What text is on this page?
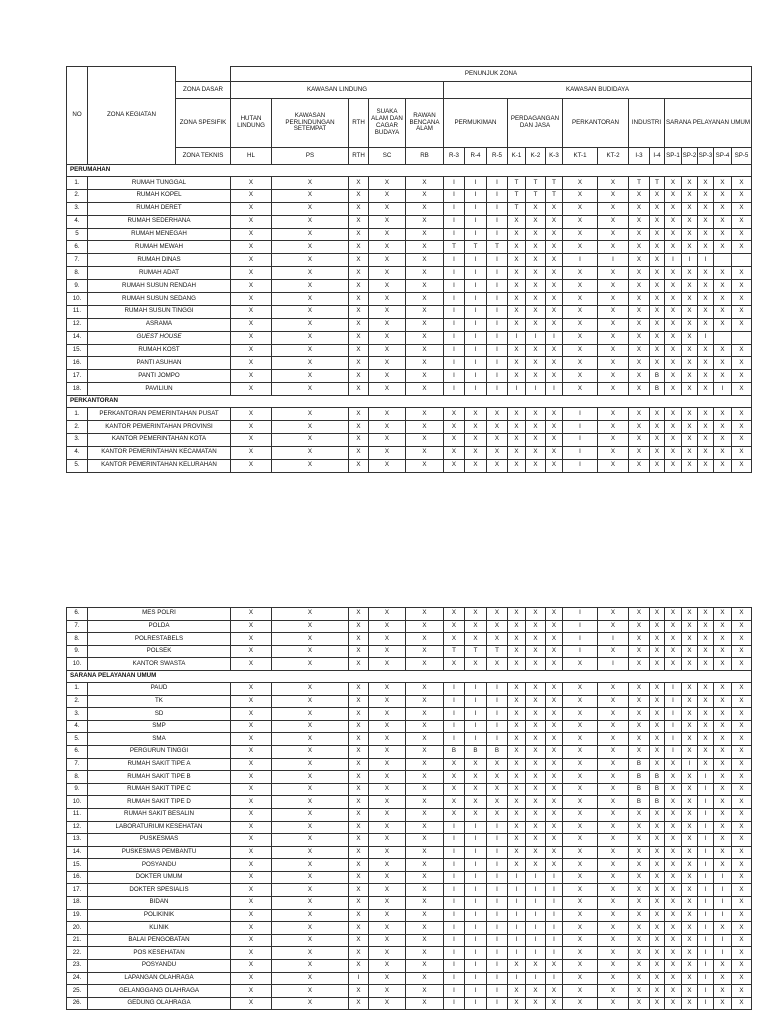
NO	ZONA KEGIATAN		PENUNJUK ZONA																			
		ZONA DASAR	KAWASAN LINDUNG					KAWASAN BUDIDAYA														
		ZONA SPESIFIK	HUTAN LINDUNG	KAWASAN PERLINDUNGAN SETEMPAT	RTH	SUAKA ALAM DAN CAGAR BUDAYA	RAWAN BENCANA ALAM	PERMUKIMAN			PERDAGANGAN DAN JASA			PERKANTORAN		INDUSTRI		SARANA PELAYANAN UMUM				
		ZONA TEKNIS	HL	PS	RTH	SC	RB	R-3	R-4	R-5	K-1	K-2	K-3	KT-1	KT-2	I-3	I-4	SP-1	SP-2	SP-3	SP-4	SP-5
PERUMAHAN																						
1.	RUMAH TUNGGAL		X	X	X	X	X	I	I	I	T	T	T	X	X	T	T	X	X	X	X	X
2.	RUMAH KOPEL		X	X	X	X	X	I	I	I	T	T	T	X	X	X	X	X	X	X	X	X
3.	RUMAH DERET		X	X	X	X	X	I	I	I	T	X	X	X	X	X	X	X	X	X	X	X
4.	RUMAH SEDERHANA		X	X	X	X	X	I	I	I	X	X	X	X	X	X	X	X	X	X	X	X
5	RUMAH MENEGAH		X	X	X	X	X	I	I	I	X	X	X	X	X	X	X	X	X	X	X	X
6.	RUMAH MEWAH		X	X	X	X	X	T	T	T	X	X	X	X	X	X	X	X	X	X	X	X
7.	RUMAH DINAS		X	X	X	X	X	I	I	I	X	X	X	I	I	X	X	I	I	I		
8.	RUMAH ADAT		X	X	X	X	X	I	I	I	X	X	X	X	X	X	X	X	X	X	X	X
9.	RUMAH SUSUN RENDAH		X	X	X	X	X	I	I	I	X	X	X	X	X	X	X	X	X	X	X	X
10.	RUMAH SUSUN SEDANG		X	X	X	X	X	I	I	I	X	X	X	X	X	X	X	X	X	X	X	X
11.	RUMAH SUSUN TINGGI		X	X	X	X	X	I	I	I	X	X	X	X	X	X	X	X	X	X	X	X
12.	ASRAMA		X	X	X	X	X	I	I	I	X	X	X	X	X	X	X	X	X	X	X	X
14.	GUEST HOUSE		X	X	X	X	X	I	I	I	I	I	I	X	X	X	X	X	X	I		
15.	RUMAH KOST		X	X	X	X	X	I	I	I	X	X	X	X	X	X	X	X	X	X	X	X
16.	PANTI ASUHAN		X	X	X	X	X	I	I	I	X	X	X	X	X	X	X	X	X	X	X	X
17.	PANTI JOMPO		X	X	X	X	X	I	I	I	X	X	X	X	X	X	B	X	X	X	X	X
18.	PAVILIUN		X	X	X	X	X	I	I	I	I	I	I	X	X	X	B	X	X	X	I	X
PERKANTORAN																						
1.	PERKANTORAN PEMERINTAHAN PUSAT		X	X	X	X	X	X	X	X	X	X	X	I	X	X	X	X	X	X	X	X
2.	KANTOR PEMERINTAHAN PROVINSI		X	X	X	X	X	X	X	X	X	X	X	I	X	X	X	X	X	X	X	X
3.	KANTOR PEMERINTAHAN KOTA		X	X	X	X	X	X	X	X	X	X	X	I	X	X	X	X	X	X	X	X
4.	KANTOR PEMERINTAHAN KECAMATAN		X	X	X	X	X	X	X	X	X	X	X	I	X	X	X	X	X	X	X	X
5.	KANTOR PEMERINTAHAN KELURAHAN		X	X	X	X	X	X	X	X	X	X	X	I	X	X	X	X	X	X	X	X
6.	MES POLRI	X	X	X	X	X	X	X	X	X	X	X	I	X	X	X	X	X	X	X	X
7.	POLDA	X	X	X	X	X	X	X	X	X	X	X	I	X	X	X	X	X	X	X	X
8.	POLRESTABELS	X	X	X	X	X	X	X	X	X	X	X	I	I	X	X	X	X	X	X	X
9.	POLSEK	X	X	X	X	X	T	T	T	X	X	X	I	X	X	X	X	X	X	X	X
10.	KANTOR SWASTA	X	X	X	X	X	X	X	X	X	X	X	X	I	X	X	X	X	X	X	X
SARANA PELAYANAN UMUM																					
1.	PAUD	X	X	X	X	X	I	I	I	X	X	X	X	X	X	X	I	X	X	X	X
2.	TK	X	X	X	X	X	I	I	I	X	X	X	X	X	X	X	I	X	X	X	X
3.	SD	X	X	X	X	X	I	I	I	X	X	X	X	X	X	X	I	X	X	X	X
4.	SMP	X	X	X	X	X	I	I	I	X	X	X	X	X	X	X	I	X	X	X	X
5.	SMA	X	X	X	X	X	I	I	I	X	X	X	X	X	X	X	I	X	X	X	X
6.	PERGURUN TINGGI	X	X	X	X	X	B	B	B	X	X	X	X	X	X	X	I	X	X	X	X
7.	RUMAH SAKIT TIPE A	X	X	X	X	X	X	X	X	X	X	X	X	X	B	X	X	I	X	X	X
8.	RUMAH SAKIT TIPE B	X	X	X	X	X	X	X	X	X	X	X	X	X	B	B	X	X	I	X	X
9.	RUMAH SAKIT TIPE C	X	X	X	X	X	X	X	X	X	X	X	X	X	B	B	X	X	I	X	X
10.	RUMAH SAKIT TIPE D	X	X	X	X	X	X	X	X	X	X	X	X	X	B	B	X	X	I	X	X
11.	RUMAH SAKIT BESALIN	X	X	X	X	X	X	X	X	X	X	X	X	X	X	X	X	X	I	X	X
12.	LABORATURIUM KESEHATAN	X	X	X	X	X	I	I	I	X	X	X	X	X	X	X	X	X	I	X	X
13.	PUSKESMAS	X	X	X	X	X	I	I	I	X	X	X	X	X	X	X	X	X	I	X	X
14.	PUSKESMAS PEMBANTU	X	X	X	X	X	I	I	I	X	X	X	X	X	X	X	X	X	I	X	X
15.	POSYANDU	X	X	X	X	X	I	I	I	X	X	X	X	X	X	X	X	X	I	X	X
16.	DOKTER UMUM	X	X	X	X	X	I	I	I	I	I	I	X	X	X	X	X	X	I	I	X
17.	DOKTER SPESIALIS	X	X	X	X	X	I	I	I	I	I	I	X	X	X	X	X	X	I	I	X
18.	BIDAN	X	X	X	X	X	I	I	I	I	I	I	X	X	X	X	X	X	I	I	X
19.	POLIKINIK	X	X	X	X	X	I	I	I	I	I	I	X	X	X	X	X	X	I	I	X
20.	KLINIK	X	X	X	X	X	I	I	I	I	I	I	X	X	X	X	X	X	I	X	X
21.	BALAI PENGOBATAN	X	X	X	X	X	I	I	I	I	I	I	X	X	X	X	X	X	I	I	X
22.	POS KESEHATAN	X	X	X	X	X	I	I	I	I	I	I	X	X	X	X	X	X	I	I	X
23.	POSYANDU	X	X	X	X	X	I	I	I	X	X	X	X	X	X	X	X	X	I	X	X
24.	LAPANGAN OLAHRAGA	X	X	I	X	X	I	I	I	I	I	I	X	X	X	X	X	X	I	X	X
25.	GELANGGANG OLAHRAGA	X	X	X	X	X	I	I	I	X	X	X	X	X	X	X	X	X	I	X	X
26.	GEDUNG OLAHRAGA	X	X	X	X	X	I	I	I	X	X	X	X	X	X	X	X	X	I	X	X
